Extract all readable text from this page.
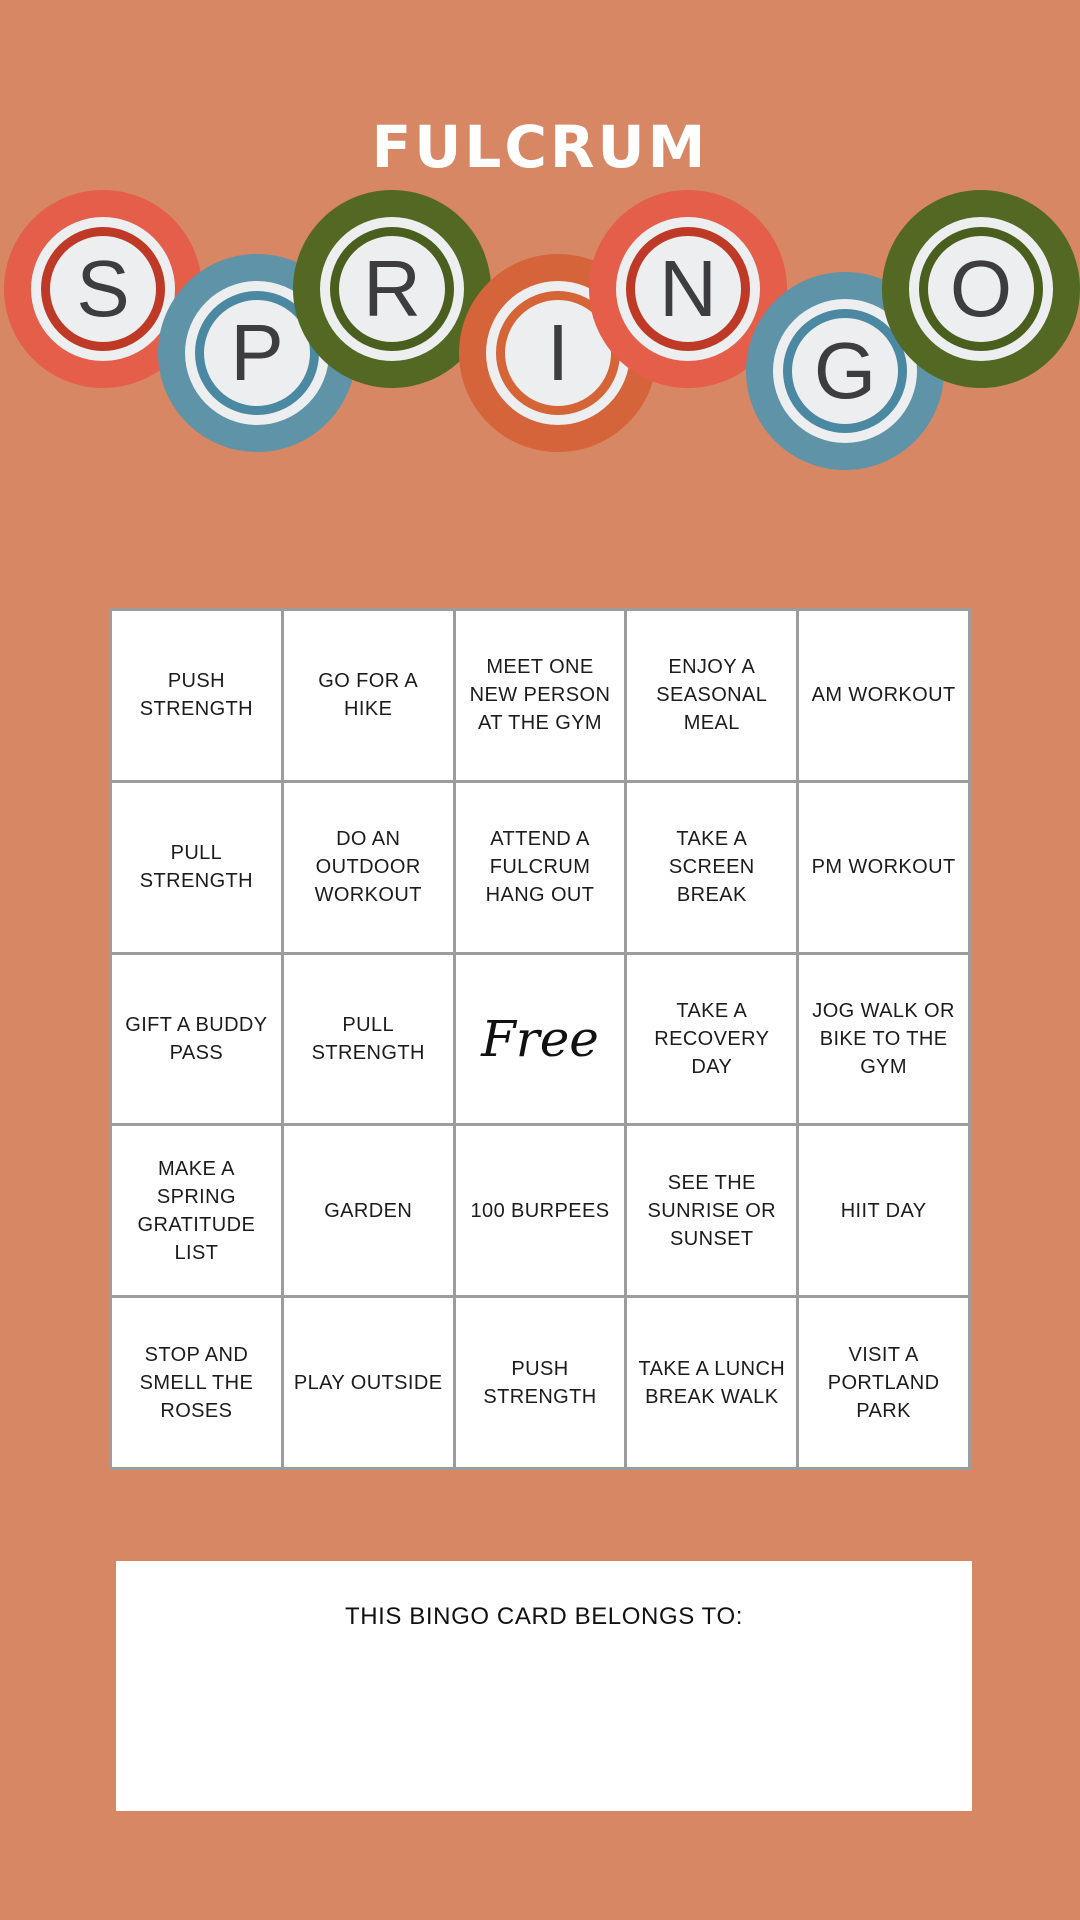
FULCRUM
S
P
R
I
N
G
O
PUSH STRENGTH	GO FOR A HIKE	MEET ONE NEW PERSON AT THE GYM	ENJOY A SEASONAL MEAL	AM WORKOUT
PULL STRENGTH	DO AN OUTDOOR WORKOUT	ATTEND A FULCRUM HANG OUT	TAKE A SCREEN BREAK	PM WORKOUT
GIFT A BUDDY PASS	PULL STRENGTH	Free	TAKE A RECOVERY DAY	JOG WALK OR BIKE TO THE GYM
MAKE A SPRING GRATITUDE LIST	GARDEN	100 BURPEES	SEE THE SUNRISE OR SUNSET	HIIT DAY
STOP AND SMELL THE ROSES	PLAY OUTSIDE	PUSH STRENGTH	TAKE A LUNCH BREAK WALK	VISIT A PORTLAND PARK
THIS BINGO CARD BELONGS TO:
